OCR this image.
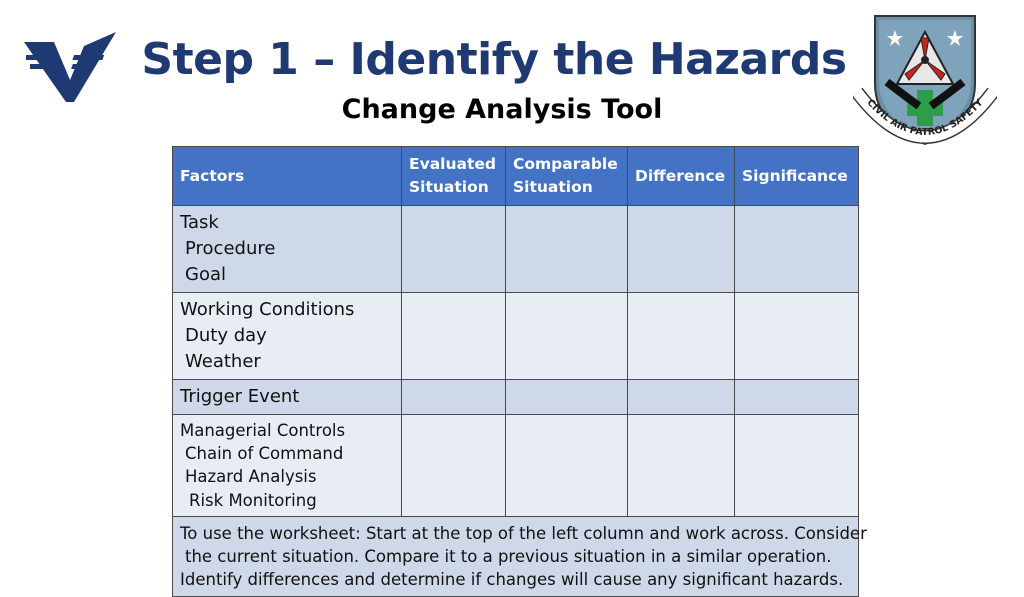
Step 1 – Identify the Hazards
Change Analysis Tool	CIVIL AIR PATROL SAFETY
Factors	Evaluated Situation	Comparable Situation	Difference	Significance

Task
Procedure
Goal				

Working Conditions
Duty day
Weather				

Trigger Event				

Managerial Controls
Chain of Command
Hazard Analysis
Risk Monitoring				

To use the worksheet: Start at the top of the left column and work across. Consider
the current situation. Compare it to a previous situation in a similar operation.
Identify differences and determine if changes will cause any significant hazards.				
